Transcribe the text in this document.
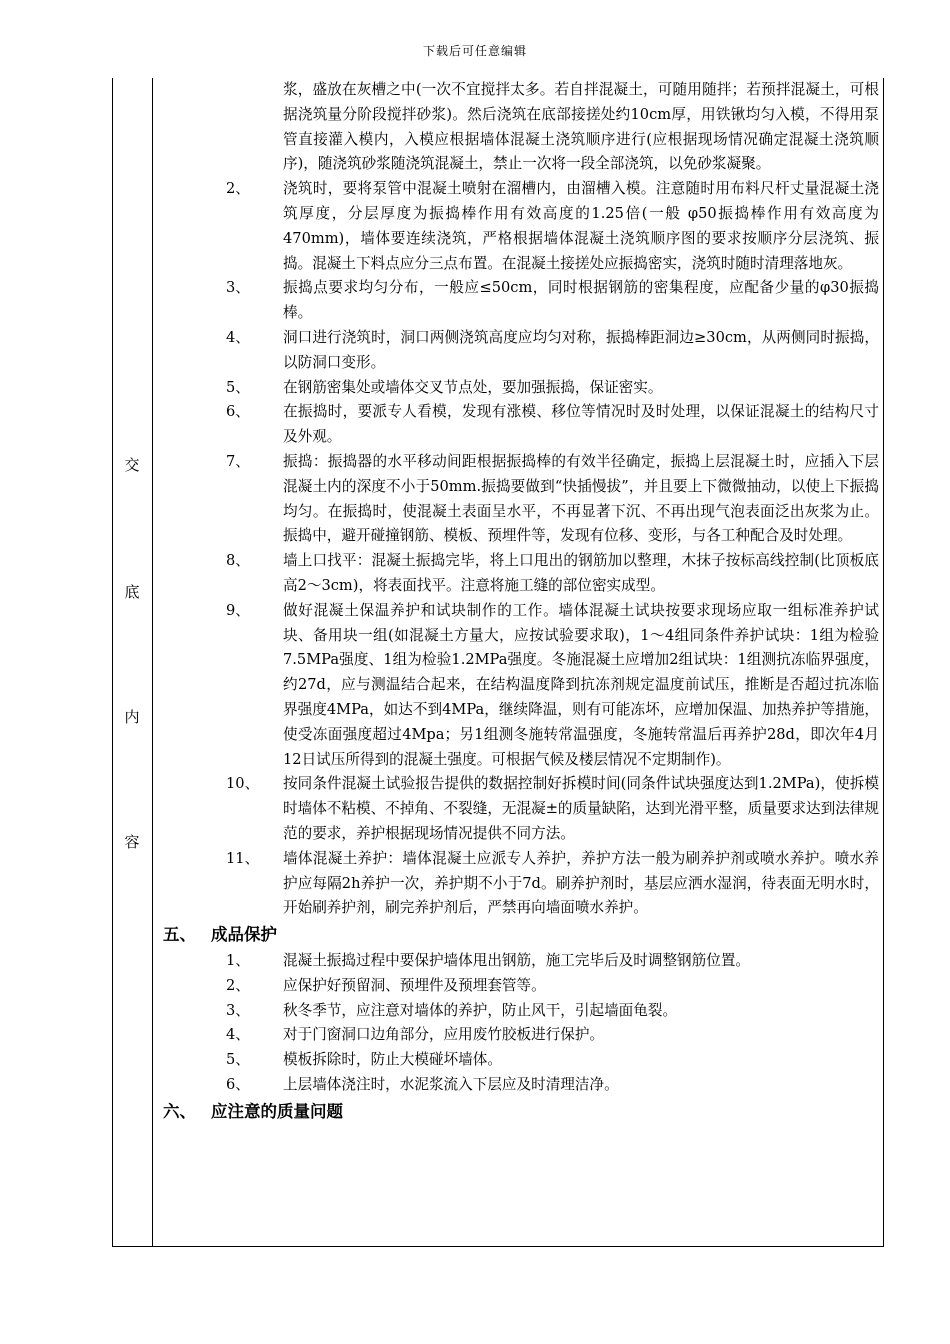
下载后可任意编辑
交
底
内
容
浆，盛放在灰槽之中(一次不宜搅拌太多。若自拌混凝土，可随用随拌；若预拌混凝土，可根据浇筑量分阶段搅拌砂浆)。然后浇筑在底部接搓处约10cm厚，用铁锹均匀入模，不得用泵管直接灌入模内，入模应根据墙体混凝土浇筑顺序进行(应根据现场情况确定混凝土浇筑顺序)，随浇筑砂浆随浇筑混凝土，禁止一次将一段全部浇筑，以免砂浆凝聚。
2、 浇筑时，要将泵管中混凝土喷射在溜槽内，由溜槽入模。注意随时用布料尺杆丈量混凝土浇筑厚度，分层厚度为振捣棒作用有效高度的1.25倍(一般 φ50振捣棒作用有效高度为470mm)，墙体要连续浇筑，严格根据墙体混凝土浇筑顺序图的要求按顺序分层浇筑、振捣。混凝土下料点应分三点布置。在混凝土接搓处应振捣密实，浇筑时随时清理落地灰。
3、 振捣点要求均匀分布，一般应≤50cm，同时根据钢筋的密集程度，应配备少量的φ30振捣棒。
4、 洞口进行浇筑时，洞口两侧浇筑高度应均匀对称，振捣棒距洞边≥30cm，从两侧同时振捣，以防洞口变形。
5、 在钢筋密集处或墙体交叉节点处，要加强振捣，保证密实。
6、 在振捣时，要派专人看模，发现有涨模、移位等情况时及时处理，以保证混凝土的结构尺寸及外观。
7、 振捣：振捣器的水平移动间距根据振捣棒的有效半径确定，振捣上层混凝土时，应插入下层混凝土内的深度不小于50mm.振捣要做到“快插慢拔”，并且要上下微微抽动，以使上下振捣均匀。在振捣时，使混凝土表面呈水平，不再显著下沉、不再出现气泡表面泛出灰浆为止。振捣中，避开碰撞钢筋、模板、预埋件等，发现有位移、变形，与各工种配合及时处理。
8、 墙上口找平：混凝土振捣完毕，将上口甩出的钢筋加以整理，木抹子按标高线控制(比顶板底高2～3cm)，将表面找平。注意将施工缝的部位密实成型。
9、 做好混凝土保温养护和试块制作的工作。墙体混凝土试块按要求现场应取一组标准养护试块、备用块一组(如混凝土方量大，应按试验要求取)，1～4组同条件养护试块：1组为检验7.5MPa强度、1组为检验1.2MPa强度。冬施混凝土应增加2组试块：1组测抗冻临界强度，约27d，应与测温结合起来，在结构温度降到抗冻剂规定温度前试压，推断是否超过抗冻临界强度4MPa，如达不到4MPa，继续降温，则有可能冻坏，应增加保温、加热养护等措施，使受冻面强度超过4Mpa；另1组测冬施转常温强度，冬施转常温后再养护28d，即次年4月12日试压所得到的混凝土强度。可根据气候及楼层情况不定期制作)。
10、 按同条件混凝土试验报告提供的数据控制好拆模时间(同条件试块强度达到1.2MPa)，使拆模时墙体不粘模、不掉角、不裂缝，无混凝±的质量缺陷，达到光滑平整，质量要求达到法律规范的要求，养护根据现场情况提供不同方法。
11、 墙体混凝土养护：墙体混凝土应派专人养护，养护方法一般为刷养护剂或喷水养护。喷水养护应每隔2h养护一次，养护期不小于7d。刷养护剂时，基层应洒水湿润，待表面无明水时，开始刷养护剂，刷完养护剂后，严禁再向墙面喷水养护。
五、 成品保护
1、 混凝土振捣过程中要保护墙体甩出钢筋，施工完毕后及时调整钢筋位置。
2、 应保护好预留洞、预埋件及预埋套管等。
3、 秋冬季节，应注意对墙体的养护，防止风干，引起墙面龟裂。
4、 对于门窗洞口边角部分，应用废竹胶板进行保护。
5、 模板拆除时，防止大模碰坏墙体。
6、 上层墙体浇注时，水泥浆流入下层应及时清理洁净。
六、 应注意的质量问题
